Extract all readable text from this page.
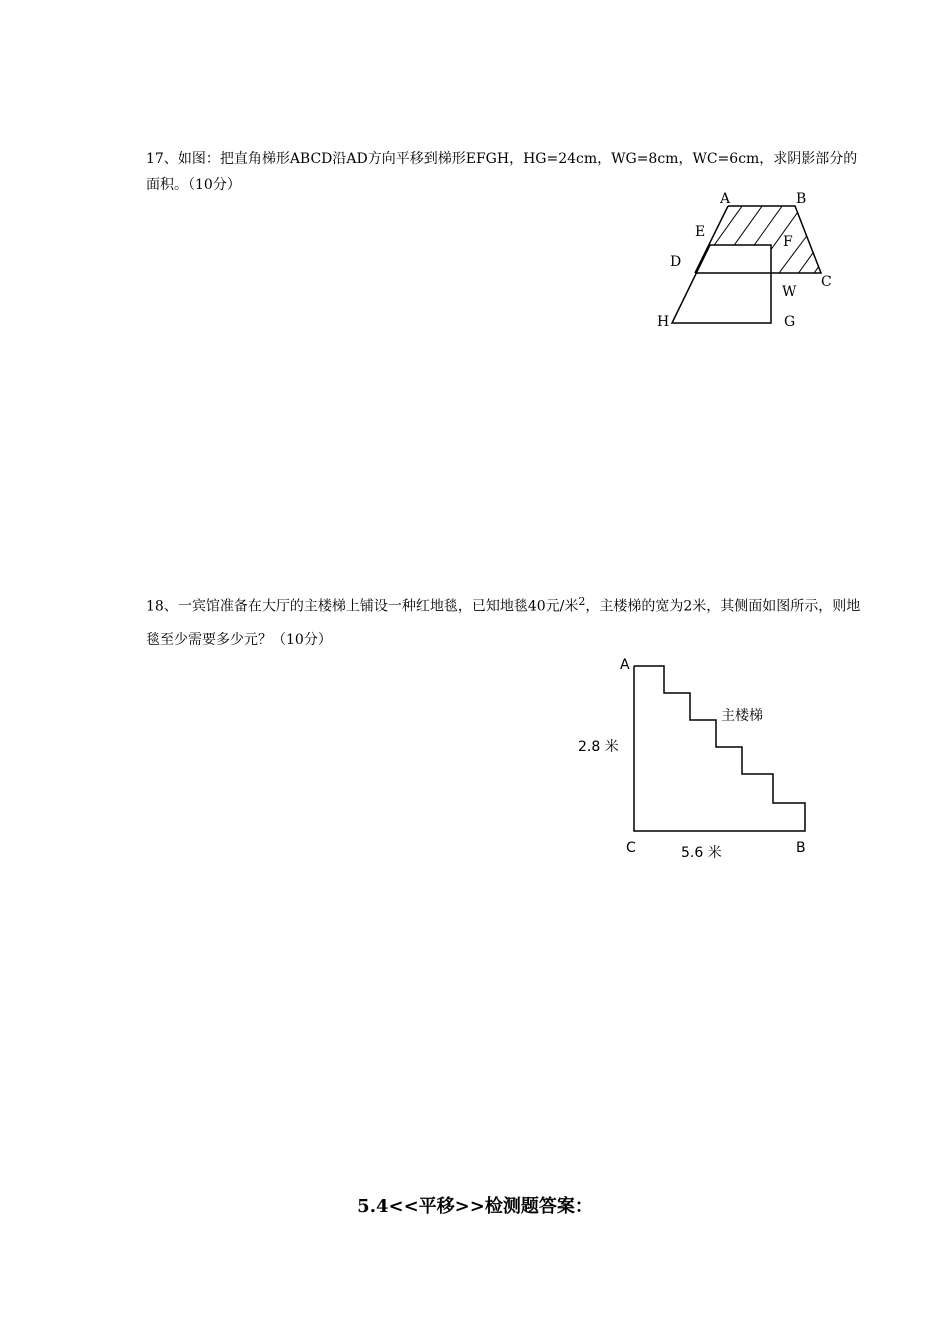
17、如图：把直角梯形ABCD沿AD方向平移到梯形EFGH，HG=24cm，WG=8cm，WC=6cm，求阴影部分的面积。（10分）

A	B
C
D
E
F
G
H
W

18、一宾馆准备在大厅的主楼梯上铺设一种红地毯，已知地毯40元/米$^2$，主楼梯的宽为2米，其侧面如图所示，则地毯至少需要多少元？（10分）

A
B
C
主楼梯
2.8 米
5.6 米
5.4<<平移>>检测题答案：
